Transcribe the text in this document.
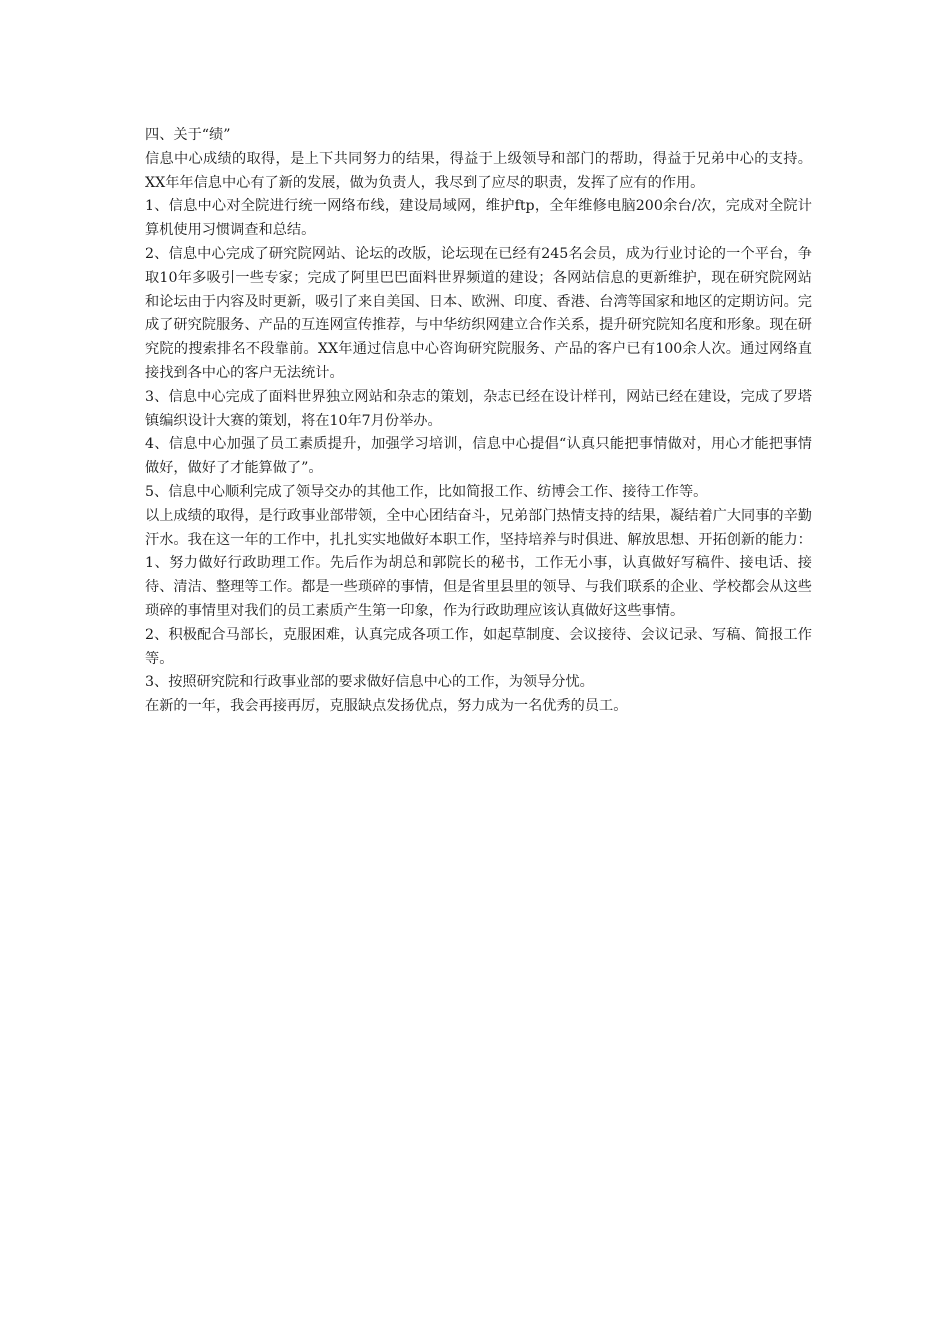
四、关于“绩”

信息中心成绩的取得，是上下共同努力的结果，得益于上级领导和部门的帮助，得益于兄弟中心的支持。XX年年信息中心有了新的发展，做为负责人，我尽到了应尽的职责，发挥了应有的作用。

1、信息中心对全院进行统一网络布线，建设局域网，维护ftp，全年维修电脑200余台/次，完成对全院计算机使用习惯调查和总结。

2、信息中心完成了研究院网站、论坛的改版，论坛现在已经有245名会员，成为行业讨论的一个平台，争取10年多吸引一些专家；完成了阿里巴巴面料世界频道的建设；各网站信息的更新维护，现在研究院网站和论坛由于内容及时更新，吸引了来自美国、日本、欧洲、印度、香港、台湾等国家和地区的定期访问。完成了研究院服务、产品的互连网宣传推荐，与中华纺织网建立合作关系，提升研究院知名度和形象。现在研究院的搜索排名不段靠前。XX年通过信息中心咨询研究院服务、产品的客户已有100余人次。通过网络直接找到各中心的客户无法统计。

3、信息中心完成了面料世界独立网站和杂志的策划，杂志已经在设计样刊，网站已经在建设，完成了罗塔镇编织设计大赛的策划，将在10年7月份举办。

4、信息中心加强了员工素质提升，加强学习培训，信息中心提倡“认真只能把事情做对，用心才能把事情做好，做好了才能算做了”。

5、信息中心顺利完成了领导交办的其他工作，比如简报工作、纺博会工作、接待工作等。

以上成绩的取得，是行政事业部带领，全中心团结奋斗，兄弟部门热情支持的结果，凝结着广大同事的辛勤汗水。我在这一年的工作中，扎扎实实地做好本职工作，坚持培养与时俱进、解放思想、开拓创新的能力：

1、努力做好行政助理工作。先后作为胡总和郭院长的秘书，工作无小事，认真做好写稿件、接电话、接待、清洁、整理等工作。都是一些琐碎的事情，但是省里县里的领导、与我们联系的企业、学校都会从这些琐碎的事情里对我们的员工素质产生第一印象，作为行政助理应该认真做好这些事情。

2、积极配合马部长，克服困难，认真完成各项工作，如起草制度、会议接待、会议记录、写稿、简报工作等。

3、按照研究院和行政事业部的要求做好信息中心的工作，为领导分忧。

在新的一年，我会再接再厉，克服缺点发扬优点，努力成为一名优秀的员工。
